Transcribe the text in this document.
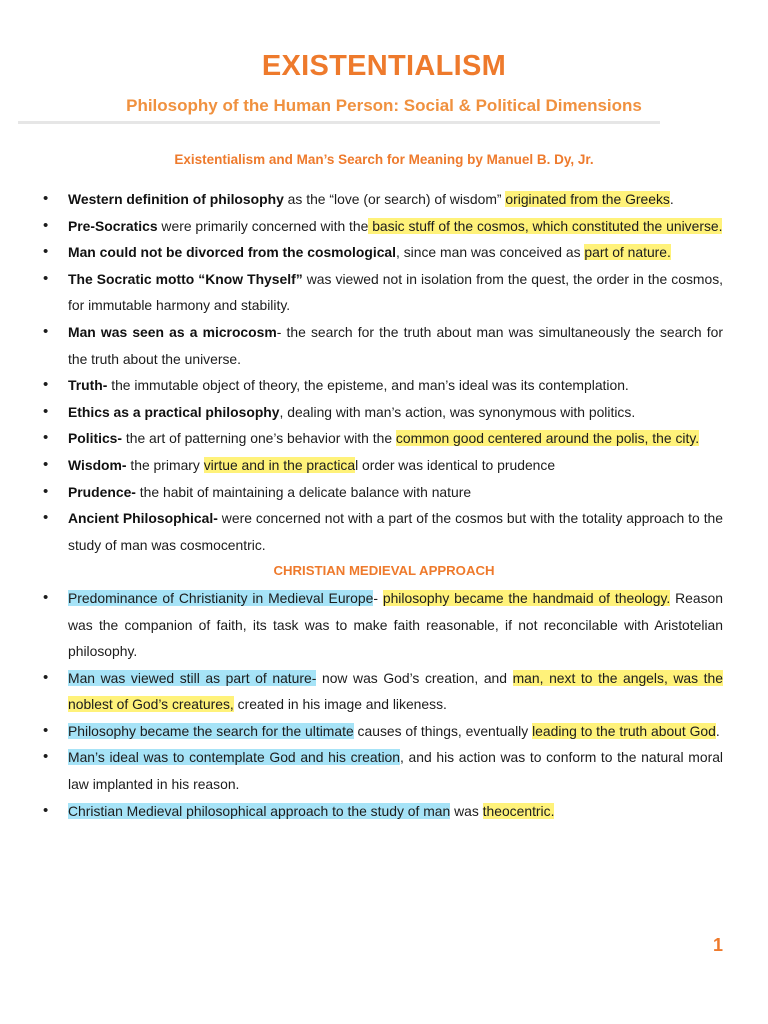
EXISTENTIALISM
Philosophy of the Human Person: Social & Political Dimensions
Existentialism and Man’s Search for Meaning by Manuel B. Dy, Jr.
• Western definition of philosophy as the “love (or search) of wisdom” originated from the Greeks.
• Pre-Socratics were primarily concerned with the basic stuff of the cosmos, which constituted the universe.
• Man could not be divorced from the cosmological, since man was conceived as part of nature.
• The Socratic motto “Know Thyself” was viewed not in isolation from the quest, the order in the cosmos, for immutable harmony and stability.
• Man was seen as a microcosm- the search for the truth about man was simultaneously the search for the truth about the universe.
• Truth- the immutable object of theory, the episteme, and man’s ideal was its contemplation.
• Ethics as a practical philosophy, dealing with man’s action, was synonymous with politics.
• Politics- the art of patterning one’s behavior with the common good centered around the polis, the city.
• Wisdom- the primary virtue and in the practical order was identical to prudence
• Prudence- the habit of maintaining a delicate balance with nature
• Ancient Philosophical- were concerned not with a part of the cosmos but with the totality approach to the study of man was cosmocentric.
CHRISTIAN MEDIEVAL APPROACH
• Predominance of Christianity in Medieval Europe- philosophy became the handmaid of theology. Reason was the companion of faith, its task was to make faith reasonable, if not reconcilable with Aristotelian philosophy.
• Man was viewed still as part of nature- now was God’s creation, and man, next to the angels, was the noblest of God’s creatures, created in his image and likeness.
• Philosophy became the search for the ultimate causes of things, eventually leading to the truth about God.
• Man’s ideal was to contemplate God and his creation, and his action was to conform to the natural moral law implanted in his reason.
• Christian Medieval philosophical approach to the study of man was theocentric.
1
